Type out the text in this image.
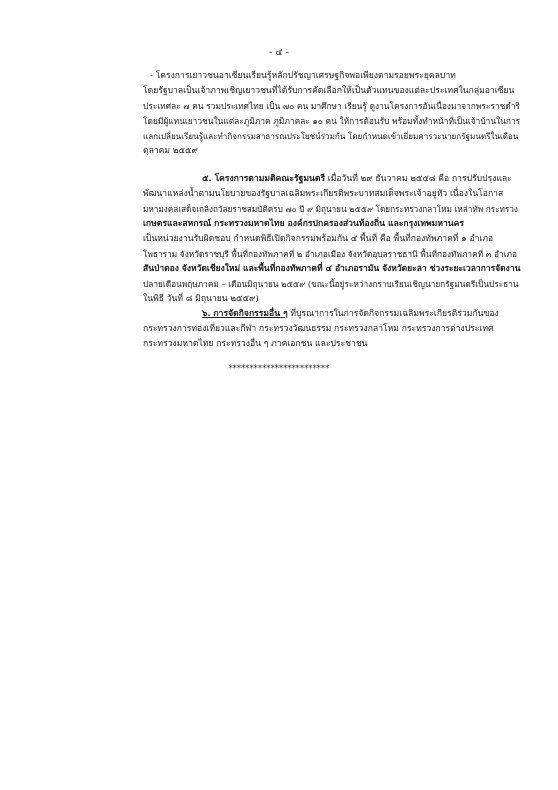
- ๔ -
- โครงการเยาวชนอาเซียนเรียนรู้หลักปรัชญาเศรษฐกิจพอเพียงตามรอยพระยุคลบาท
โดยรัฐบาลเป็นเจ้าภาพเชิญเยาวชนที่ได้รับการคัดเลือกให้เป็นตัวแทนของแต่ละประเทศในกลุ่มอาเซียน
ประเทศละ ๗ คน รวมประเทศไทย เป็น ๗๐ คน มาศึกษา เรียนรู้ ดูงานโครงการอันเนื่องมาจากพระราชดำริ
โดยมีผู้แทนเยาวชนในแต่ละภูมิภาค ภูมิภาคละ ๑๐ คน ให้การต้อนรับ พร้อมทั้งทำหน้าที่เป็นเจ้าบ้านในการ
แลกเปลี่ยนเรียนรู้และทำกิจกรรมสาธารณประโยชน์ร่วมกัน โดยกำหนดเข้าเยี่ยมคารวะนายกรัฐมนตรีในเดือน
ตุลาคม ๒๕๕๙
๕. โครงการตามมติคณะรัฐมนตรี เมื่อวันที่ ๒๙ ธันวาคม ๒๕๕๘ คือ การปรับปรุงและ
พัฒนาแหล่งน้ำตามนโยบายของรัฐบาลเฉลิมพระเกียรติพระบาทสมเด็จพระเจ้าอยู่หัว เนื่องในโอกาส
มหามงคลเสด็จเถลิงถวัลยราชสมบัติครบ ๗๐ ปี ๙ มิถุนายน ๒๕๕๙ โดยกระทรวงกลาโหม เหล่าทัพ กระทรวง
เกษตรและสหกรณ์ กระทรวงมหาดไทย องค์กรปกครองส่วนท้องถิ่น และกรุงเทพมหานคร
เป็นหน่วยงานรับผิดชอบ กำหนดพิธีเปิดกิจกรรมพร้อมกัน ๔ พื้นที่ คือ พื้นที่กองทัพภาคที่ ๑ อำเภอ
โพธาราม จังหวัดราชบุรี พื้นที่กองทัพภาคที่ ๒ อำเภอเมือง จังหวัดอุบลราชธานี พื้นที่กองทัพภาคที่ ๓ อำเภอ
สันป่าตอง จังหวัดเชียงใหม่ และพื้นที่กองทัพภาคที่ ๔ อำเภอรามัน จังหวัดยะลา ช่วงระยะเวลาการจัดงาน
ปลายเดือนพฤษภาคม – เดือนมิถุนายน ๒๕๕๙ (ขณะนี้อยู่ระหว่างกราบเรียนเชิญนายกรัฐมนตรีเป็นประธาน
ในพิธี วันที่ ๘ มิถุนายน ๒๕๕๙)
๖. การจัดกิจกรรมอื่น ๆ ที่บูรณาการในการจัดกิจกรรมเฉลิมพระเกียรติร่วมกันของ
กระทรวงการท่องเที่ยวและกีฬา กระทรวงวัฒนธรรม กระทรวงกลาโหม กระทรวงการต่างประเทศ
กระทรวงมหาดไทย กระทรวงอื่น ๆ ภาคเอกชน และประชาชน
************************
